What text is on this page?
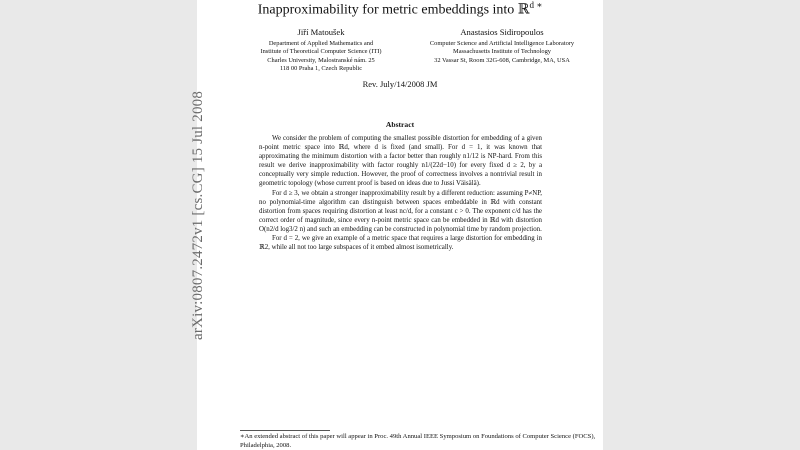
arXiv:0807.2472v1 [cs.CG] 15 Jul 2008
Inapproximability for metric embeddings into ℝ$^{d ∗}$
Jiří Matoušek
Department of Applied Mathematics and
Institute of Theoretical Computer Science (ITI)
Charles University, Malostranské nám. 25
118 00 Praha 1, Czech Republic
Anastasios Sidiropoulos
Computer Science and Artificial Intelligence Laboratory
Massachusetts Institute of Technology
32 Vassar St, Room 32G-608, Cambridge, MA, USA
Rev. July/14/2008 JM
Abstract

We consider the problem of computing the smallest possible distortion for embedding of a given n-point metric space into ℝd, where d is fixed (and small). For d = 1, it was known that approximating the minimum distortion with a factor better than roughly n1/12 is NP-hard. From this result we derive inapproximability with factor roughly n1/(22d−10) for every fixed d ≥ 2, by a conceptually very simple reduction. However, the proof of correctness involves a nontrivial result in geometric topology (whose current proof is based on ideas due to Jussi Väisälä).

For d ≥ 3, we obtain a stronger inapproximability result by a different reduction: assuming P≠NP, no polynomial-time algorithm can distinguish between spaces embeddable in ℝd with constant distortion from spaces requiring distortion at least nc/d, for a constant c > 0. The exponent c/d has the correct order of magnitude, since every n-point metric space can be embedded in ℝd with distortion O(n2/d log3/2 n) and such an embedding can be constructed in polynomial time by random projection.

For d = 2, we give an example of a metric space that requires a large distortion for embedding in ℝ2, while all not too large subspaces of it embed almost isometrically.

∗An extended abstract of this paper will appear in Proc. 49th Annual IEEE Symposium on Foundations of Computer Science (FOCS), Philadelphia, 2008.
